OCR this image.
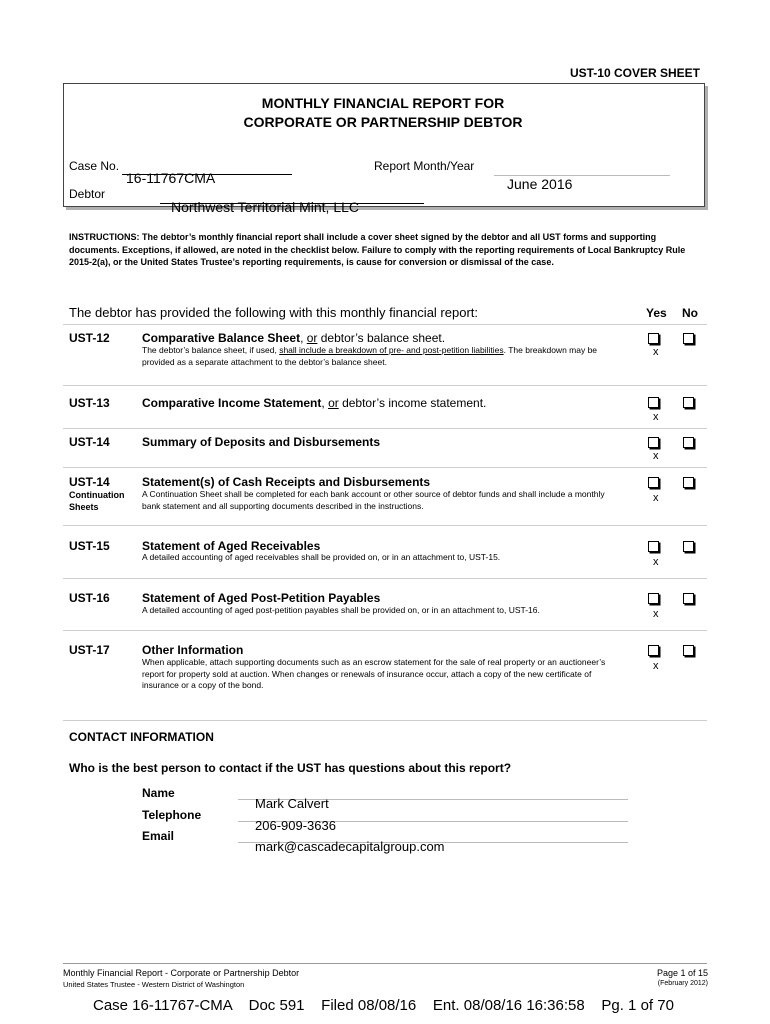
UST-10 COVER SHEET
MONTHLY FINANCIAL REPORT FOR
CORPORATE OR PARTNERSHIP DEBTOR
Case No.
16-11767CMA
Report Month/Year
June 2016
Debtor
Northwest Territorial Mint, LLC
INSTRUCTIONS: The debtor’s monthly financial report shall include a cover sheet signed by the debtor and all UST forms and supporting documents. Exceptions, if allowed, are noted in the checklist below. Failure to comply with the reporting requirements of Local Bankruptcy Rule 2015-2(a), or the United States Trustee’s reporting requirements, is cause for conversion or dismissal of the case.
The debtor has provided the following with this monthly financial report:	Yes No
UST-12	Comparative Balance Sheet, or debtor’s balance sheet.
The debtor’s balance sheet, if used, shall include a breakdown of pre- and post-petition liabilities. The breakdown may be provided as a separate attachment to the debtor’s balance sheet.
x
UST-13	Comparative Income Statement, or debtor’s income statement.
x
UST-14	Summary of Deposits and Disbursements
x
UST-14
Continuation
Sheets
Statement(s) of Cash Receipts and Disbursements
A Continuation Sheet shall be completed for each bank account or other source of debtor funds and shall include a monthly bank statement and all supporting documents described in the instructions.
x
UST-15	Statement of Aged Receivables
A detailed accounting of aged receivables shall be provided on, or in an attachment to, UST-15.	x
UST-16	Statement of Aged Post-Petition Payables
A detailed accounting of aged post-petition payables shall be provided on, or in an attachment to, UST-16.	x
UST-17	Other Information
When applicable, attach supporting documents such as an escrow statement for the sale of real property or an auctioneer’s report for property sold at auction. When changes or renewals of insurance occur, attach a copy of the new certificate of insurance or a copy of the bond.
x
CONTACT INFORMATION
Who is the best person to contact if the UST has questions about this report?
Name
Mark Calvert
Telephone
206-909-3636
Email
mark@cascadecapitalgroup.com
Monthly Financial Report - Corporate or Partnership Debtor
United States Trustee - Western District of Washington
Page 1 of 15
(February 2012)
Case 16-11767-CMA    Doc 591    Filed 08/08/16    Ent. 08/08/16 16:36:58    Pg. 1 of 70
